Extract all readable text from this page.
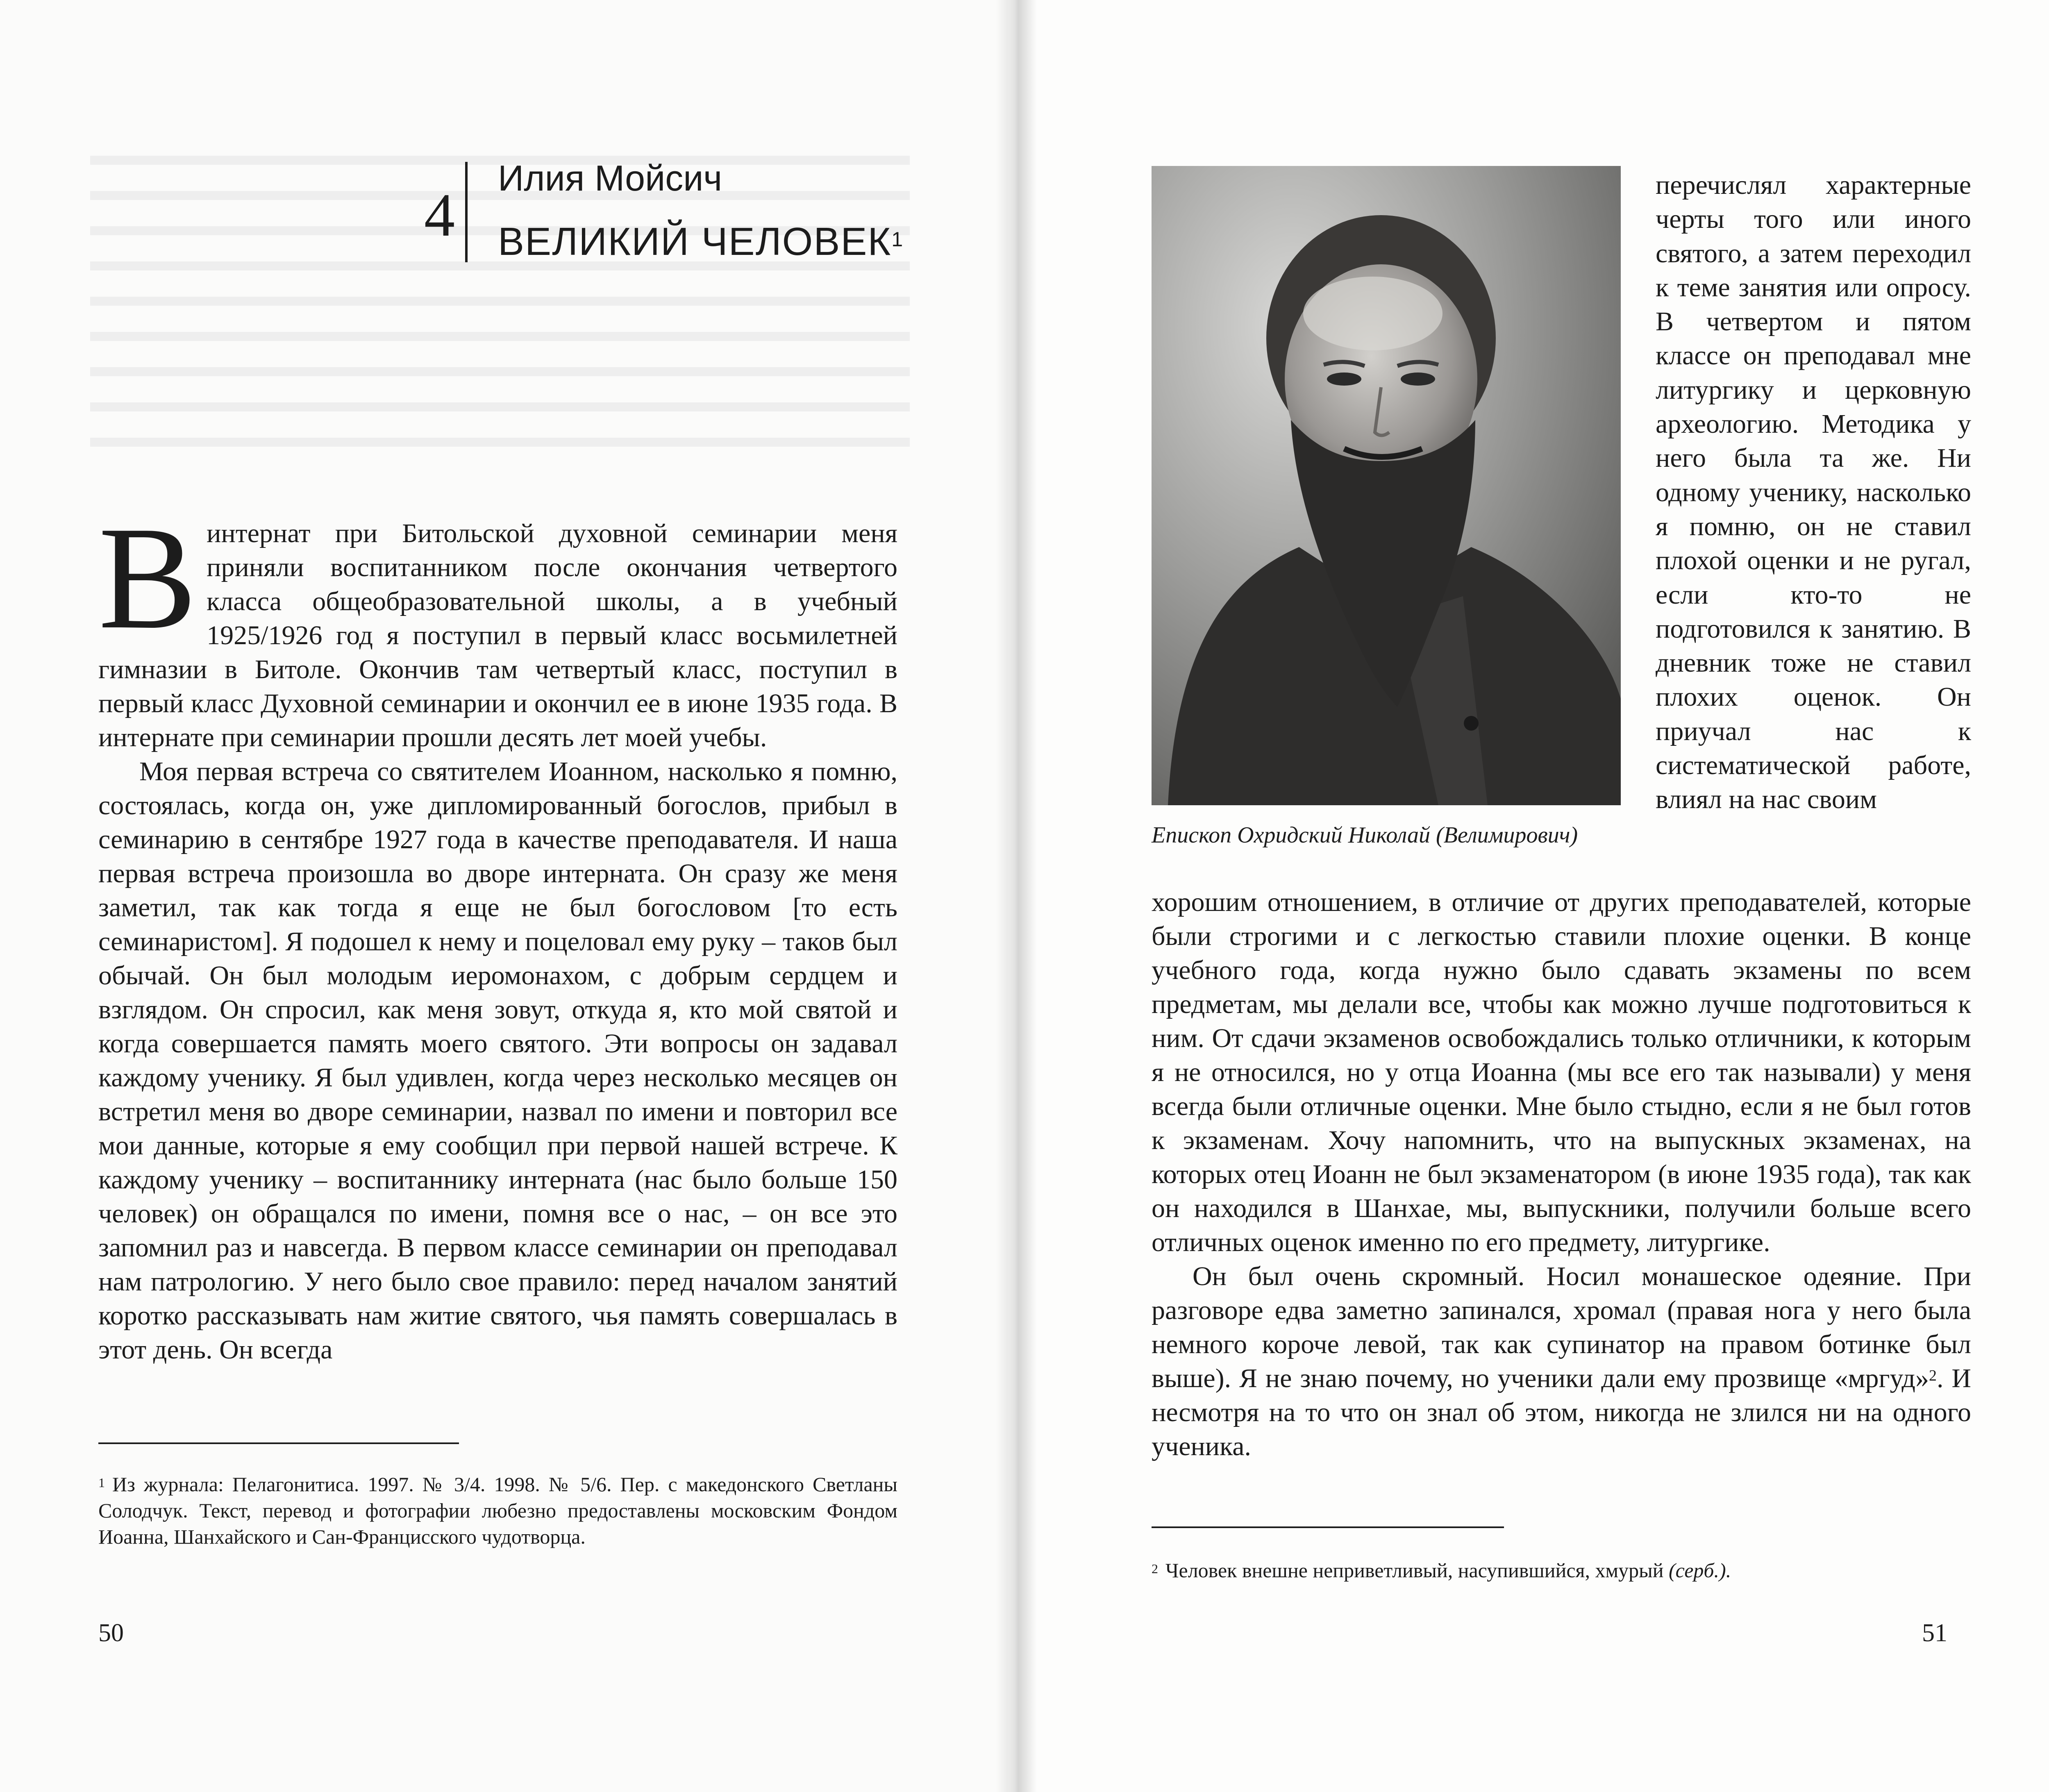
4
Илия Мойсич
ВЕЛИКИЙ ЧЕЛОВЕК$^1$

Винтернат при Битольской духовной семинарии меня приняли воспитанником после окончания четвертого класса общеобразовательной школы, а в учебный 1925/1926 год я поступил в первый класс восьмилетней гимназии в Битоле. Окончив там четвертый класс, поступил в первый класс Духовной семинарии и окончил ее в июне 1935 года. В интернате при семинарии прошли десять лет моей учебы.

Моя первая встреча со святителем Иоанном, насколько я помню, состоялась, когда он, уже дипломированный богослов, прибыл в семинарию в сентябре 1927 года в качестве преподавателя. И наша первая встреча произошла во дворе интерната. Он сразу же меня заметил, так как тогда я еще не был богословом [то есть семинаристом]. Я подошел к нему и поцеловал ему руку – таков был обычай. Он был молодым иеромонахом, с добрым сердцем и взглядом. Он спросил, как меня зовут, откуда я, кто мой святой и когда совершается память моего святого. Эти вопросы он задавал каждому ученику. Я был удивлен, когда через несколько месяцев он встретил меня во дворе семинарии, назвал по имени и повторил все мои данные, которые я ему сообщил при первой нашей встрече. К каждому ученику – воспитаннику интерната (нас было больше 150 человек) он обращался по имени, помня все о нас, – он все это запомнил раз и навсегда. В первом классе семинарии он преподавал нам патрологию. У него было свое правило: перед началом занятий коротко рассказывать нам житие святого, чья память совершалась в этот день. Он всегда

$^1$ Из журнала: Пелагонитиса. 1997. № 3/4. 1998. № 5/6. Пер. с македонского Светланы Солодчук. Текст, перевод и фотографии любезно предоставлены московским Фондом Иоанна, Шанхайского и Сан-Францисского чудотворца.
50
Епископ Охридский Николай (Велимирович)
перечислял характерные черты того или иного святого, а затем переходил к теме занятия или опросу. В четвертом и пятом классе он преподавал мне литургику и церковную археологию. Методика у него была та же. Ни одному ученику, насколько я помню, он не ставил плохой оценки и не ругал, если кто-то не подготовился к занятию. В дневник тоже не ставил плохих оценок. Он приучал нас к систематической работе, влиял на нас своим

хорошим отношением, в отличие от других преподавателей, которые были строгими и с легкостью ставили плохие оценки. В конце учебного года, когда нужно было сдавать экзамены по всем предметам, мы делали все, чтобы как можно лучше подготовиться к ним. От сдачи экзаменов освобождались только отличники, к которым я не относился, но у отца Иоанна (мы все его так называли) у меня всегда были отличные оценки. Мне было стыдно, если я не был готов к экзаменам. Хочу напомнить, что на выпускных экзаменах, на которых отец Иоанн не был экзаменатором (в июне 1935 года), так как он находился в Шанхае, мы, выпускники, получили больше всего отличных оценок именно по его предмету, литургике.

Он был очень скромный. Носил монашеское одеяние. При разговоре едва заметно запинался, хромал (правая нога у него была немного короче левой, так как супинатор на правом ботинке был выше). Я не знаю почему, но ученики дали ему прозвище «мргуд»$^2$. И несмотря на то что он знал об этом, никогда не злился ни на одного ученика.

$^2$ Человек внешне неприветливый, насупившийся, хмурый (серб.).
51
